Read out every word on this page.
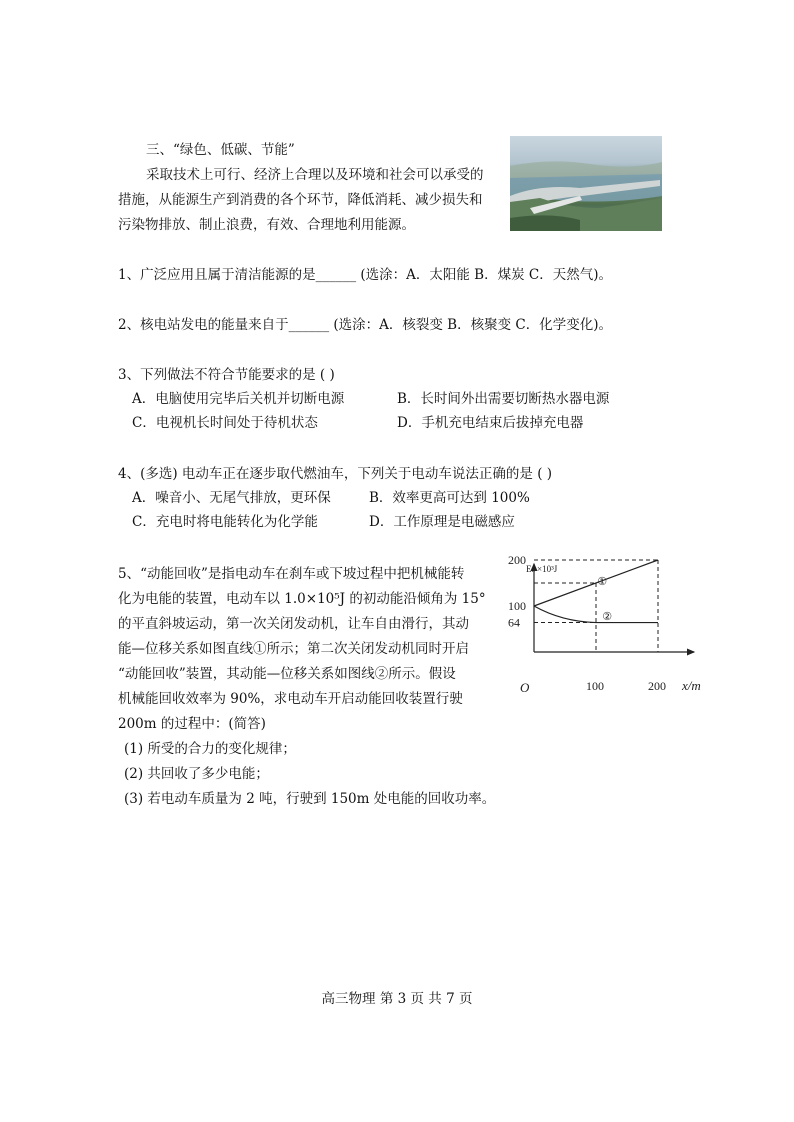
三、“绿色、低碳、节能”
采取技术上可行、经济上合理以及环境和社会可以承受的
措施，从能源生产到消费的各个环节，降低消耗、减少损失和
污染物排放、制止浪费，有效、合理地利用能源。
1、广泛应用且属于清洁能源的是______ (选涂：A．太阳能 B．煤炭 C．天然气)。
2、核电站发电的能量来自于______ (选涂：A．核裂变 B．核聚变 C．化学变化)。
3、下列做法不符合节能要求的是 ( )
A．电脑使用完毕后关机并切断电源	B．长时间外出需要切断热水器电源
C．电视机长时间处于待机状态	D．手机充电结束后拔掉充电器
4、(多选) 电动车正在逐步取代燃油车，下列关于电动车说法正确的是 ( )
A．噪音小、无尾气排放，更环保	B．效率更高可达到 100%
C．充电时将电能转化为化学能	D．工作原理是电磁感应
5、“动能回收”是指电动车在刹车或下坡过程中把机械能转
化为电能的装置，电动车以 1.0×10⁵J 的初动能沿倾角为 15°
的平直斜坡运动，第一次关闭发动机，让车自由滑行，其动
能—位移关系如图直线①所示；第二次关闭发动机同时开启
“动能回收”装置，其动能—位移关系如图线②所示。假设
机械能回收效率为 90%，求电动车开启动能回收装置行驶
200m 的过程中：(简答)
(1) 所受的合力的变化规律；
(2) 共回收了多少电能；
(3) 若电动车质量为 2 吨，行驶到 150m 处电能的回收功率。
①
②
Eₖ ×10³J
x/m
O	100	200
64
100
200
高三物理 第 3 页 共 7 页
